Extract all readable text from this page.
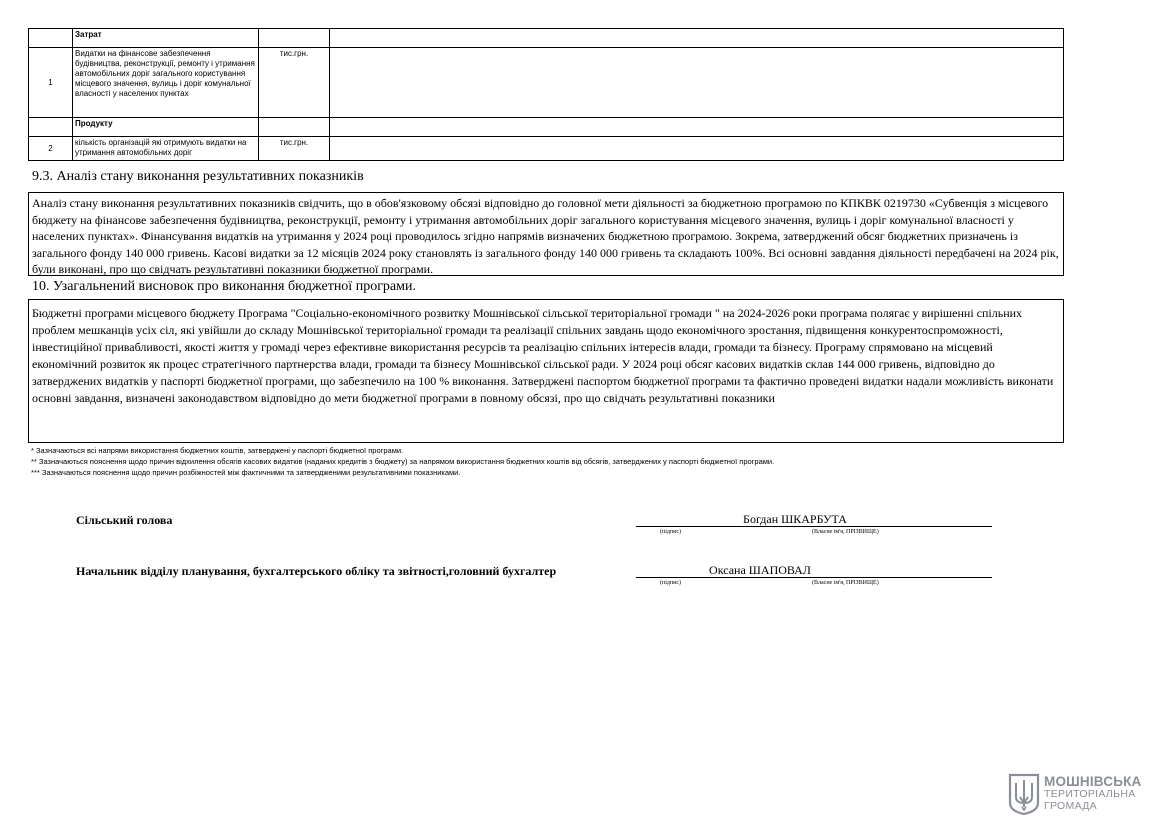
	Затрат		
1	Видатки на фінансове забезпечення будівництва, реконструкції, ремонту і утримання автомобільних доріг загального користування місцевого значення, вулиць і доріг комунальної власності у населених пунктах	тис.грн.	
	Продукту		
2	кількість організацій які отримують видатки на утримання автомобільних доріг	тис.грн.	
9.3. Аналіз стану виконання результативних показників
Аналіз стану виконання результативних показників свідчить, що в обов'язковому обсязі відповідно до головної мети діяльності за бюджетною програмою по КПКВК 0219730 «Субвенція з місцевого бюджету на фінансове забезпечення будівництва, реконструкції, ремонту і утримання автомобільних доріг загального користування місцевого значення, вулиць і доріг комунальної власності у населених пунктах». Фінансування видатків на утримання у 2024 році проводилось згідно напрямів визначених бюджетною програмою. Зокрема, затверджений обсяг бюджетних призначень із загального фонду 140 000 гривень. Касові видатки за 12 місяців 2024 року становлять із загального фонду 140 000 гривень та складають 100%. Всі основні завдання діяльності передбачені на 2024 рік, були виконані, про що свідчать результативні показники бюджетної програми.
10. Узагальнений висновок про виконання бюджетної програми.
Бюджетні програми місцевого бюджету Програма "Соціально-економічного розвитку Мошнівської сільської територіальної громади " на 2024-2026 роки програма полягає у вирішенні спільних проблем мешканців усіх сіл, які увійшли до складу Мошнівської територіальної громади та реалізації спільних завдань щодо економічного зростання, підвищення конкурентоспроможності, інвестиційної привабливості, якості життя у громаді через ефективне використання ресурсів та реалізацію спільних інтересів влади, громади та бізнесу. Програму спрямовано на місцевий економічний розвиток як процес стратегічного партнерства влади, громади та бізнесу Мошнівської сільської ради. У 2024 році обсяг касових видатків склав 144 000 гривень, відповідно до затверджених видатків у паспорті бюджетної програми, що забезпечило на 100 % виконання. Затверджені паспортом бюджетної програми та фактично проведені видатки надали можливість виконати основні завдання, визначені законодавством відповідно до мети бюджетної програми в повному обсязі, про що свідчать результативні показники
* Зазначаються всі напрями використання бюджетних коштів, затверджені у паспорті бюджетної програми.
** Зазначаються пояснення щодо причин відхилення обсягів касових видатків (наданих кредитів з бюджету) за напрямом використання бюджетних коштів від обсягів, затверджених у паспорті бюджетної програми.
*** Зазначаються пояснення щодо причин розбіжностей між фактичними та затвердженими результативними показниками.
Сільський голова	Богдан ШКАРБУТА
(підпис)	(Власне ім'я, ПРІЗВИЩЕ)
Начальник відділу планування, бухгалтерського обліку та звітності,головний бухгалтер	Оксана ШАПОВАЛ
(підпис)	(Власне ім'я, ПРІЗВИЩЕ)
МОШНІВСЬКА
ТЕРИТОРІАЛЬНА
ГРОМАДА
